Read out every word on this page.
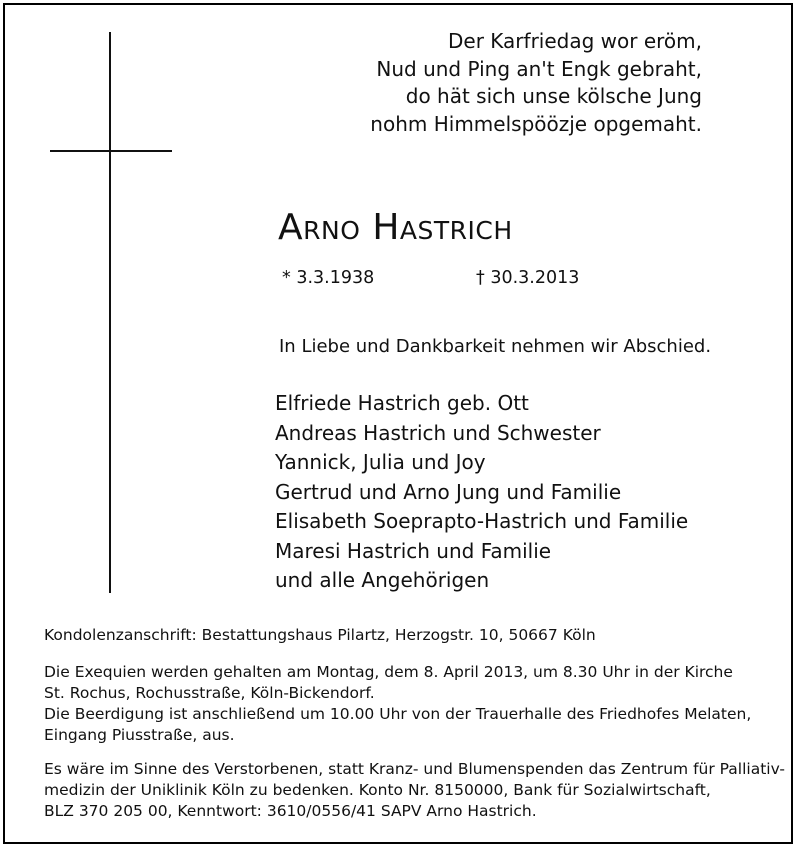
Der Karfriedag wor eröm,
Nud und Ping an't Engk gebraht,
do hät sich unse kölsche Jung
nohm Himmelspöözje opgemaht.
Arno Hastrich
* 3.3.1938	† 30.3.2013
In Liebe und Dankbarkeit nehmen wir Abschied.
Elfriede Hastrich geb. Ott
Andreas Hastrich und Schwester
Yannick, Julia und Joy
Gertrud und Arno Jung und Familie
Elisabeth Soeprapto-Hastrich und Familie
Maresi Hastrich und Familie
und alle Angehörigen
Kondolenzanschrift: Bestattungshaus Pilartz, Herzogstr. 10, 50667 Köln
Die Exequien werden gehalten am Montag, dem 8. April 2013, um 8.30 Uhr in der Kirche
St. Rochus, Rochusstraße, Köln-Bickendorf.
Die Beerdigung ist anschließend um 10.00 Uhr von der Trauerhalle des Friedhofes Melaten,
Eingang Piusstraße, aus.
Es wäre im Sinne des Verstorbenen, statt Kranz- und Blumenspenden das Zentrum für Palliativ-
medizin der Uniklinik Köln zu bedenken. Konto Nr. 8150000, Bank für Sozialwirtschaft,
BLZ 370 205 00, Kenntwort: 3610/0556/41 SAPV Arno Hastrich.
